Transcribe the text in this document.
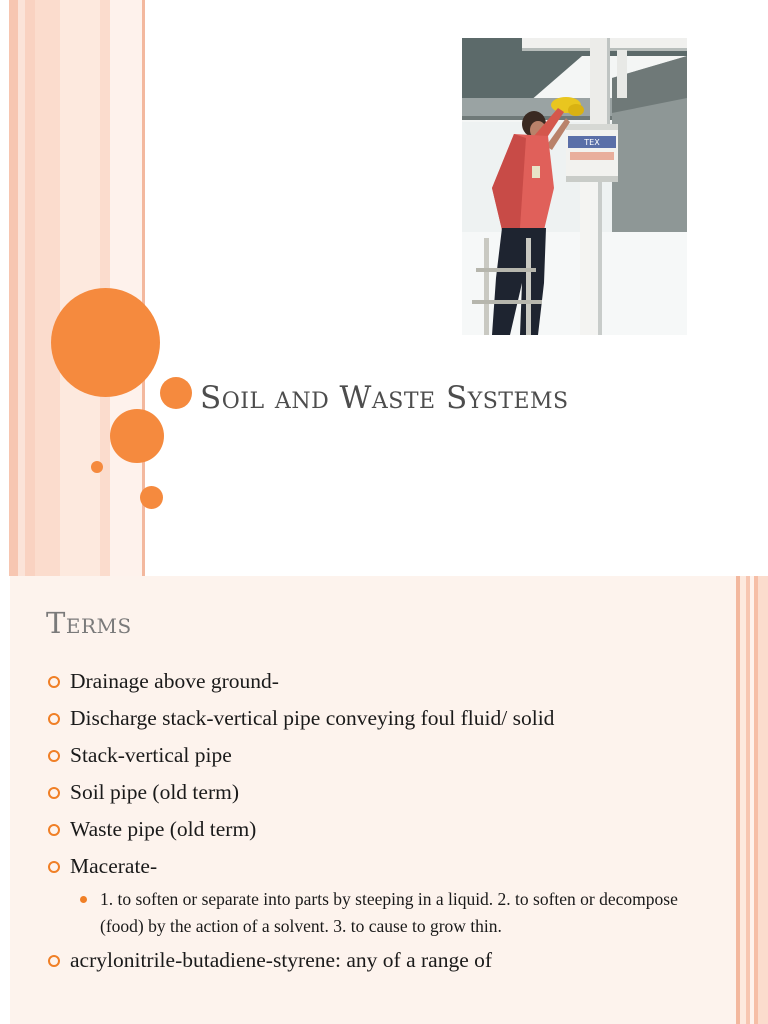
TEX
Soil and Waste Systems
Terms
Drainage above ground-
Discharge stack-vertical pipe conveying foul fluid/ solid
Stack-vertical pipe
Soil pipe (old term)
Waste pipe (old term)
Macerate-
1. to soften or separate into parts by steeping in a liquid. 2. to soften or decompose (food) by the action of a solvent. 3. to cause to grow thin.
acrylonitrile-butadiene-styrene: any of a range of
